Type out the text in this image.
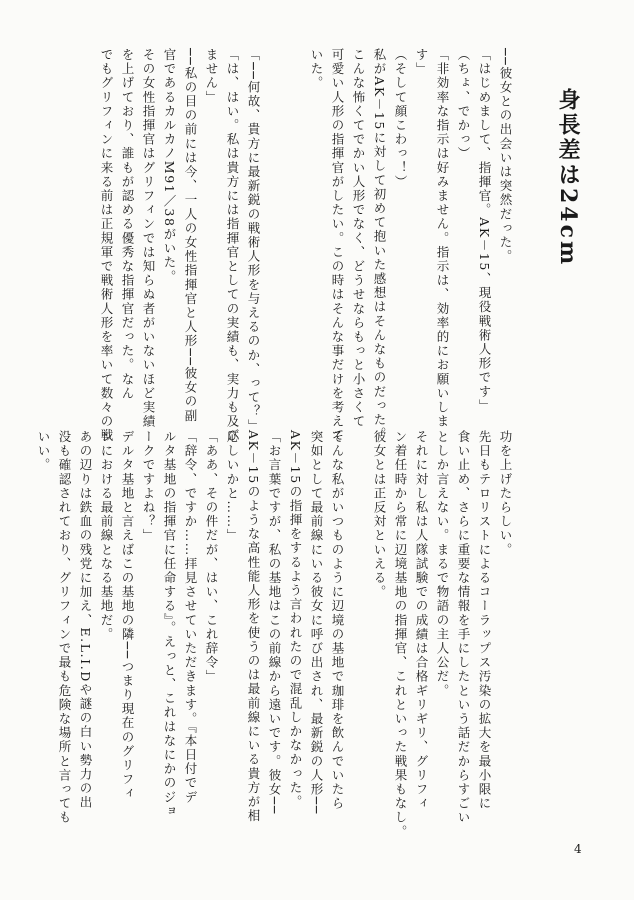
身長差は24cm
──彼女との出会いは突然だった。
「はじめまして、指揮官。AK－15、現役戦術人形です」
（ちょ、でかっ）
「非効率な指示は好みません。指示は、効率的にお願いしま
す」
（そして顔こわっ！）
私がAK－15に対して初めて抱いた感想はそんなものだった。
こんな怖くてでかい人形でなく、どうせならもっと小さくて
可愛い人形の指揮官がしたい。この時はそんな事だけを考えて
いた。

「──何故、貴方に最新鋭の戦術人形を与えるのか、って？」
「は、はい。私は貴方には指揮官としての実績も、実力も及び
ません」
──私の目の前には今、一人の女性指揮官と人形──彼女の副
官であるカルカノM91／38がいた。
その女性指揮官はグリフィンでは知らぬ者がいないほど実績
を上げており、誰もが認める優秀な指揮官だった。なん
でもグリフィンに来る前は正規軍で戦術人形を率いて数々の戦
功を上げたらしい。
先日もテロリストによるコーラップス汚染の拡大を最小限に
食い止め、さらに重要な情報を手にしたという話だからすごい
としか言えない。まるで物語の主人公だ。
それに対し私は人隊試験での成績は合格ギリギリ、グリフィ
ン着任時から常に辺境基地の指揮官、これといった戦果もなし。
彼女とは正反対といえる。

そんな私がいつものように辺境の基地で珈琲を飲んでいたら
突如として最前線にいる彼女に呼び出され、最新鋭の人形──
AK－15の指揮をするよう言われたので混乱しかなかった。
「お言葉ですが、私の基地はこの前線から遠いです。彼女──
AK－15のような高性能人形を使うのは最前線にいる貴方が相
応しいかと……」
「ああ、その件だが、はい、これ辞令」
「辞令、ですか……拝見させていただきます。『本日付でデ
ルタ基地の指揮官に任命する』。えっと、これはなにかのジョ
ークですよね？」
デルタ基地と言えばこの基地の隣──つまり現在のグリフィ
ンにおける最前線となる基地だ。
あの辺りは鉄血の残党に加え、E.L.I.Dや謎の白い勢力の出
没も確認されており、グリフィンで最も危険な場所と言っても
いい。
4
